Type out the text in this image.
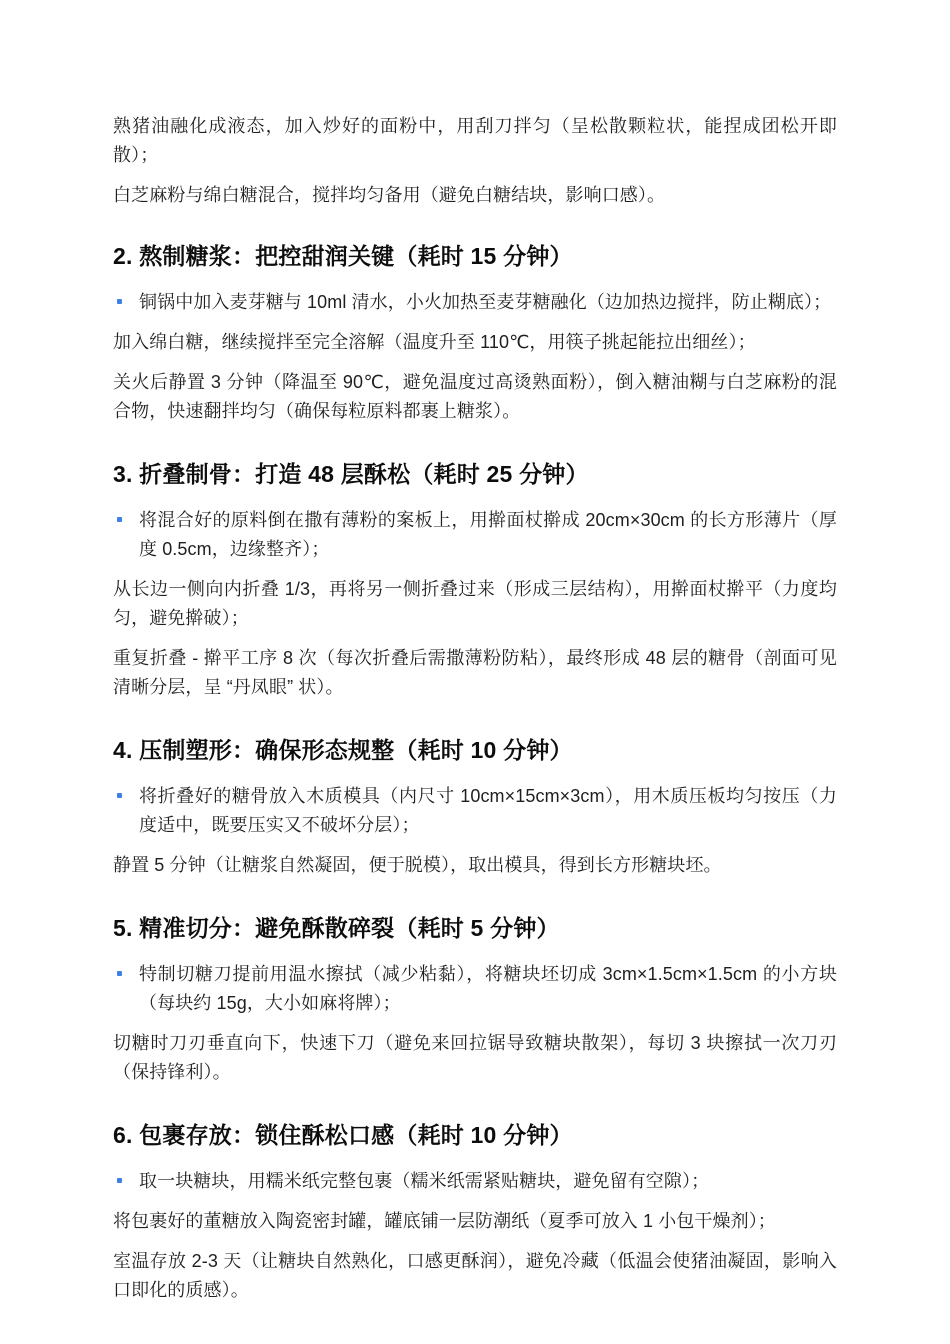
熟猪油融化成液态，加入炒好的面粉中，用刮刀拌匀（呈松散颗粒状，能捏成团松开即散）；

白芝麻粉与绵白糖混合，搅拌均匀备用（避免白糖结块，影响口感）。

2. 熬制糖浆：把控甜润关键（耗时 15 分钟）
铜锅中加入麦芽糖与 10ml 清水，小火加热至麦芽糖融化（边加热边搅拌，防止糊底）；

加入绵白糖，继续搅拌至完全溶解（温度升至 110℃，用筷子挑起能拉出细丝）；

关火后静置 3 分钟（降温至 90℃，避免温度过高烫熟面粉），倒入糖油糊与白芝麻粉的混合物，快速翻拌均匀（确保每粒原料都裹上糖浆）。

3. 折叠制骨：打造 48 层酥松（耗时 25 分钟）
将混合好的原料倒在撒有薄粉的案板上，用擀面杖擀成 20cm×30cm 的长方形薄片（厚度 0.5cm，边缘整齐）；

从长边一侧向内折叠 1/3，再将另一侧折叠过来（形成三层结构），用擀面杖擀平（力度均匀，避免擀破）；

重复折叠 - 擀平工序 8 次（每次折叠后需撒薄粉防粘），最终形成 48 层的糖骨（剖面可见清晰分层，呈 “丹凤眼” 状）。

4. 压制塑形：确保形态规整（耗时 10 分钟）
将折叠好的糖骨放入木质模具（内尺寸 10cm×15cm×3cm），用木质压板均匀按压（力度适中，既要压实又不破坏分层）；

静置 5 分钟（让糖浆自然凝固，便于脱模），取出模具，得到长方形糖块坯。

5. 精准切分：避免酥散碎裂（耗时 5 分钟）
特制切糖刀提前用温水擦拭（减少粘黏），将糖块坯切成 3cm×1.5cm×1.5cm 的小方块（每块约 15g，大小如麻将牌）；

切糖时刀刃垂直向下，快速下刀（避免来回拉锯导致糖块散架），每切 3 块擦拭一次刀刃（保持锋利）。

6. 包裹存放：锁住酥松口感（耗时 10 分钟）
取一块糖块，用糯米纸完整包裹（糯米纸需紧贴糖块，避免留有空隙）；

将包裹好的董糖放入陶瓷密封罐，罐底铺一层防潮纸（夏季可放入 1 小包干燥剂）；

室温存放 2-3 天（让糖块自然熟化，口感更酥润），避免冷藏（低温会使猪油凝固，影响入口即化的质感）。
